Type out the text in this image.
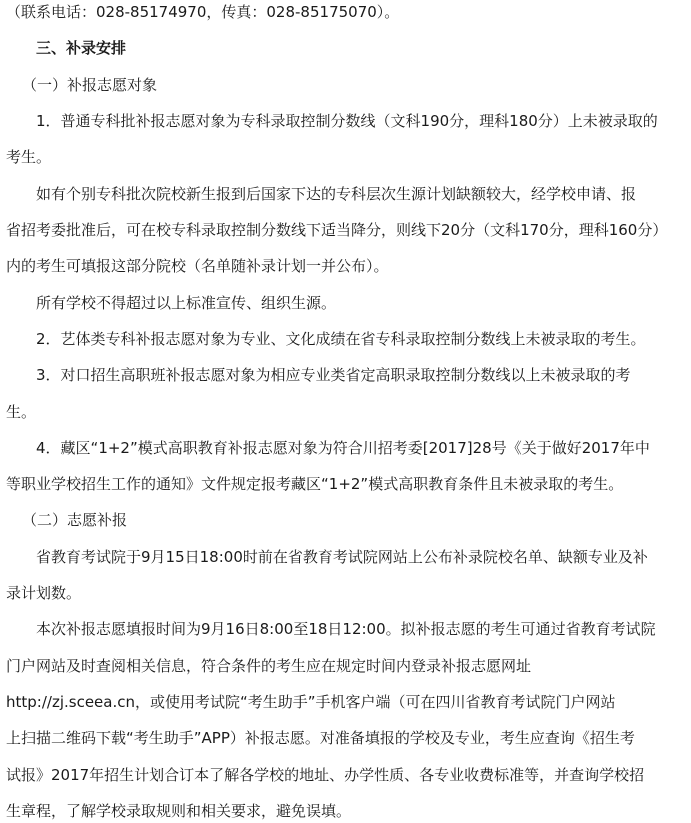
（联系电话：028-85174970，传真：028-85175070）。
三、补录安排
（一）补报志愿对象
1．普通专科批补报志愿对象为专科录取控制分数线（文科190分，理科180分）上未被录取的
考生。
如有个别专科批次院校新生报到后国家下达的专科层次生源计划缺额较大，经学校申请、报
省招考委批准后，可在校专科录取控制分数线下适当降分，则线下20分（文科170分，理科160分）
内的考生可填报这部分院校（名单随补录计划一并公布）。
所有学校不得超过以上标准宣传、组织生源。
2．艺体类专科补报志愿对象为专业、文化成绩在省专科录取控制分数线上未被录取的考生。
3．对口招生高职班补报志愿对象为相应专业类省定高职录取控制分数线以上未被录取的考
生。
4．藏区“1+2”模式高职教育补报志愿对象为符合川招考委[2017]28号《关于做好2017年中
等职业学校招生工作的通知》文件规定报考藏区“1+2”模式高职教育条件且未被录取的考生。
（二）志愿补报
省教育考试院于9月15日18:00时前在省教育考试院网站上公布补录院校名单、缺额专业及补
录计划数。
本次补报志愿填报时间为9月16日8:00至18日12:00。拟补报志愿的考生可通过省教育考试院
门户网站及时查阅相关信息，符合条件的考生应在规定时间内登录补报志愿网址
http://zj.sceea.cn，或使用考试院“考生助手”手机客户端（可在四川省教育考试院门户网站
上扫描二维码下载“考生助手”APP）补报志愿。对准备填报的学校及专业，考生应查询《招生考
试报》2017年招生计划合订本了解各学校的地址、办学性质、各专业收费标准等，并查询学校招
生章程，了解学校录取规则和相关要求，避免误填。
